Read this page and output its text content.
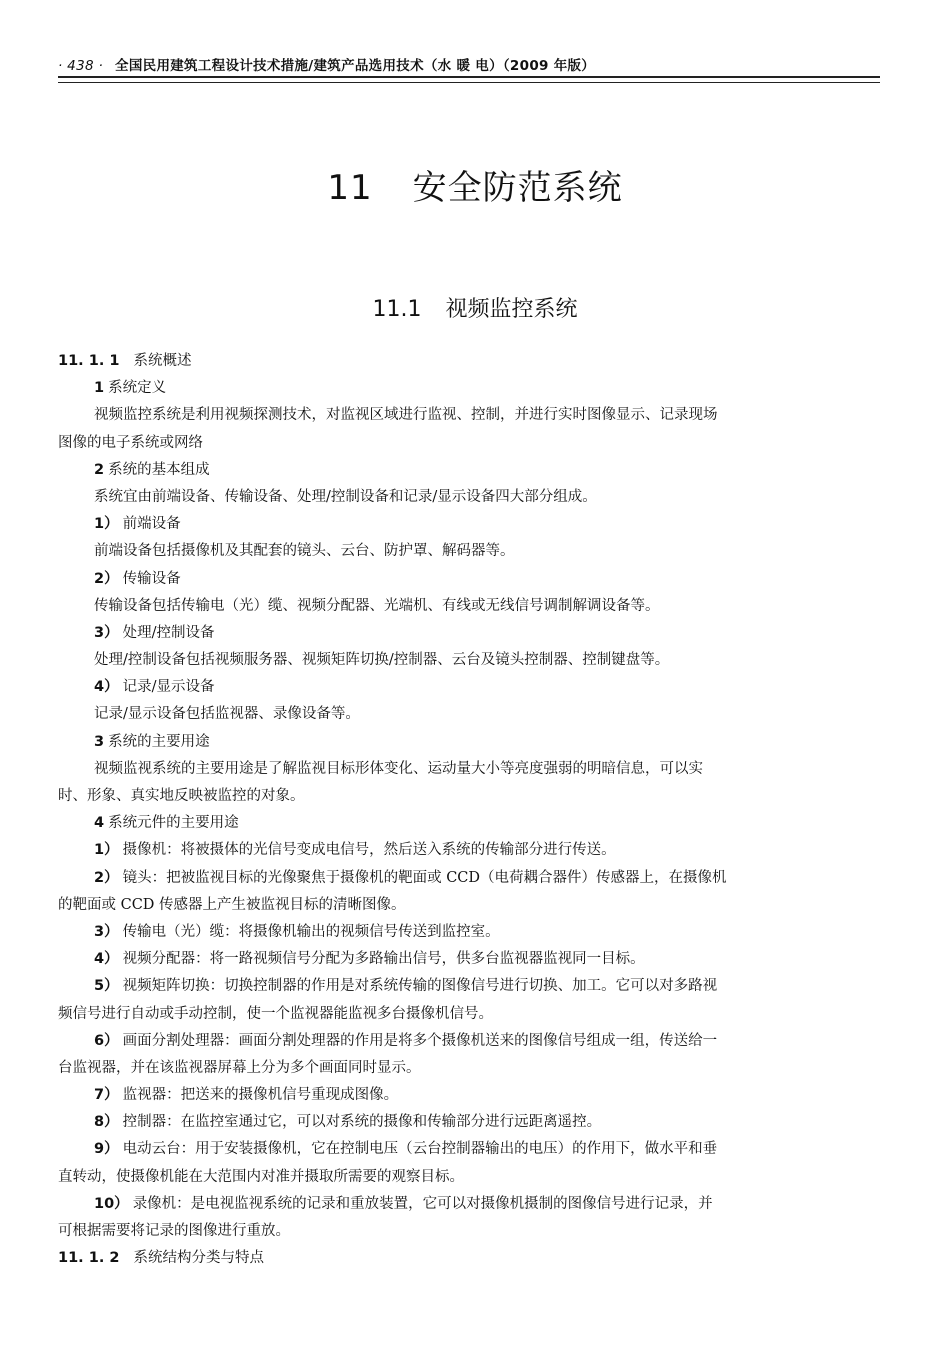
· 438 · 全国民用建筑工程设计技术措施/建筑产品选用技术（水 暖 电）（2009 年版）
11 安全防范系统
11.1 视频监控系统
11. 1. 1 系统概述
1 系统定义
视频监控系统是利用视频探测技术，对监视区域进行监视、控制，并进行实时图像显示、记录现场
图像的电子系统或网络
2 系统的基本组成
系统宜由前端设备、传输设备、处理/控制设备和记录/显示设备四大部分组成。
1） 前端设备
前端设备包括摄像机及其配套的镜头、云台、防护罩、解码器等。
2） 传输设备
传输设备包括传输电（光）缆、视频分配器、光端机、有线或无线信号调制解调设备等。
3） 处理/控制设备
处理/控制设备包括视频服务器、视频矩阵切换/控制器、云台及镜头控制器、控制键盘等。
4） 记录/显示设备
记录/显示设备包括监视器、录像设备等。
3 系统的主要用途
视频监视系统的主要用途是了解监视目标形体变化、运动量大小等亮度强弱的明暗信息，可以实
时、形象、真实地反映被监控的对象。
4 系统元件的主要用途
1） 摄像机：将被摄体的光信号变成电信号，然后送入系统的传输部分进行传送。
2） 镜头：把被监视目标的光像聚焦于摄像机的靶面或 CCD（电荷耦合器件）传感器上，在摄像机
的靶面或 CCD 传感器上产生被监视目标的清晰图像。
3） 传输电（光）缆：将摄像机输出的视频信号传送到监控室。
4） 视频分配器：将一路视频信号分配为多路输出信号，供多台监视器监视同一目标。
5） 视频矩阵切换：切换控制器的作用是对系统传输的图像信号进行切换、加工。它可以对多路视
频信号进行自动或手动控制，使一个监视器能监视多台摄像机信号。
6） 画面分割处理器：画面分割处理器的作用是将多个摄像机送来的图像信号组成一组，传送给一
台监视器，并在该监视器屏幕上分为多个画面同时显示。
7） 监视器：把送来的摄像机信号重现成图像。
8） 控制器：在监控室通过它，可以对系统的摄像和传输部分进行远距离遥控。
9） 电动云台：用于安装摄像机，它在控制电压（云台控制器输出的电压）的作用下，做水平和垂
直转动，使摄像机能在大范围内对准并摄取所需要的观察目标。
10） 录像机：是电视监视系统的记录和重放装置，它可以对摄像机摄制的图像信号进行记录，并
可根据需要将记录的图像进行重放。
11. 1. 2 系统结构分类与特点
